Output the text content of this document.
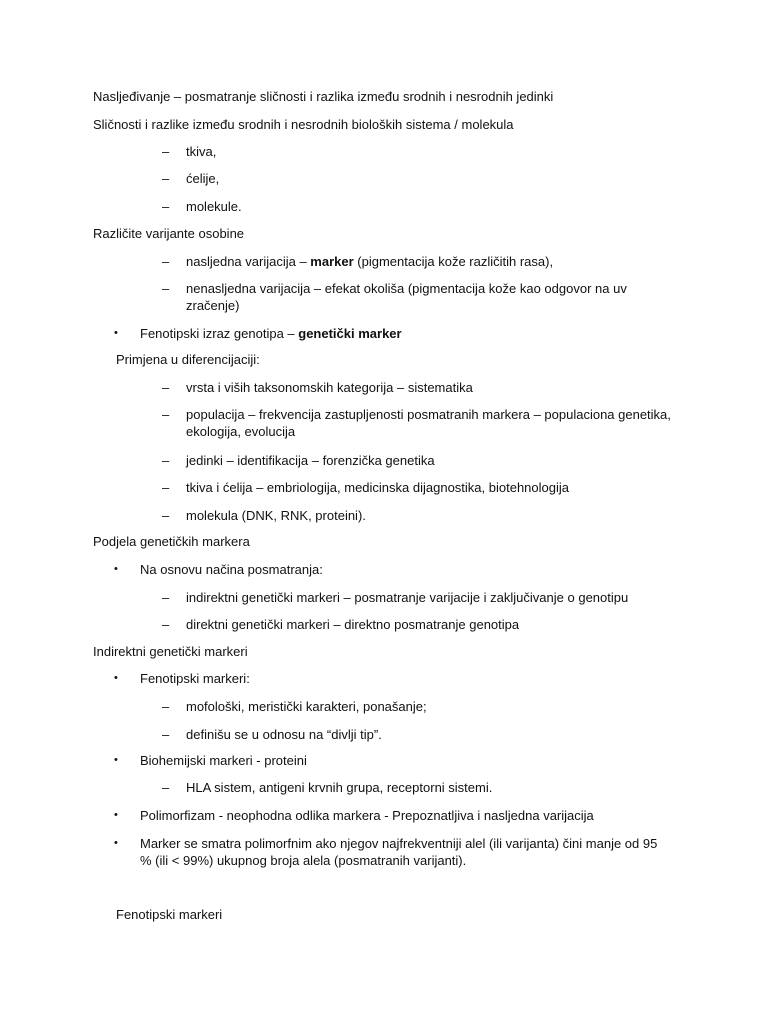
Nasljeđivanje – posmatranje sličnosti i razlika između srodnih i nesrodnih jedinki
Sličnosti i razlike između srodnih i nesrodnih bioloških sistema / molekula
– tkiva,
– ćelije,
– molekule.
Različite varijante osobine
– nasljedna varijacija – marker (pigmentacija kože različitih rasa),
– nenasljedna varijacija – efekat okoliša (pigmentacija kože kao odgovor na uv
zračenje)
• Fenotipski izraz genotipa – genetički marker
Primjena u diferencijaciji:
– vrsta i viših taksonomskih kategorija – sistematika
– populacija – frekvencija zastupljenosti posmatranih markera – populaciona genetika,
ekologija, evolucija
– jedinki – identifikacija – forenzička genetika
– tkiva i ćelija – embriologija, medicinska dijagnostika, biotehnologija
– molekula (DNK, RNK, proteini).
Podjela genetičkih markera
• Na osnovu načina posmatranja:
– indirektni genetički markeri – posmatranje varijacije i zaključivanje o genotipu
– direktni genetički markeri – direktno posmatranje genotipa
Indirektni genetički markeri
• Fenotipski markeri:
– mofološki, meristički karakteri, ponašanje;
– definišu se u odnosu na “divlji tip”.
• Biohemijski markeri - proteini
– HLA sistem, antigeni krvnih grupa, receptorni sistemi.
• Polimorfizam - neophodna odlika markera - Prepoznatljiva i nasljedna varijacija
• Marker se smatra polimorfnim ako njegov najfrekventniji alel (ili varijanta) čini manje od 95
% (ili < 99%) ukupnog broja alela (posmatranih varijanti).
Fenotipski markeri
